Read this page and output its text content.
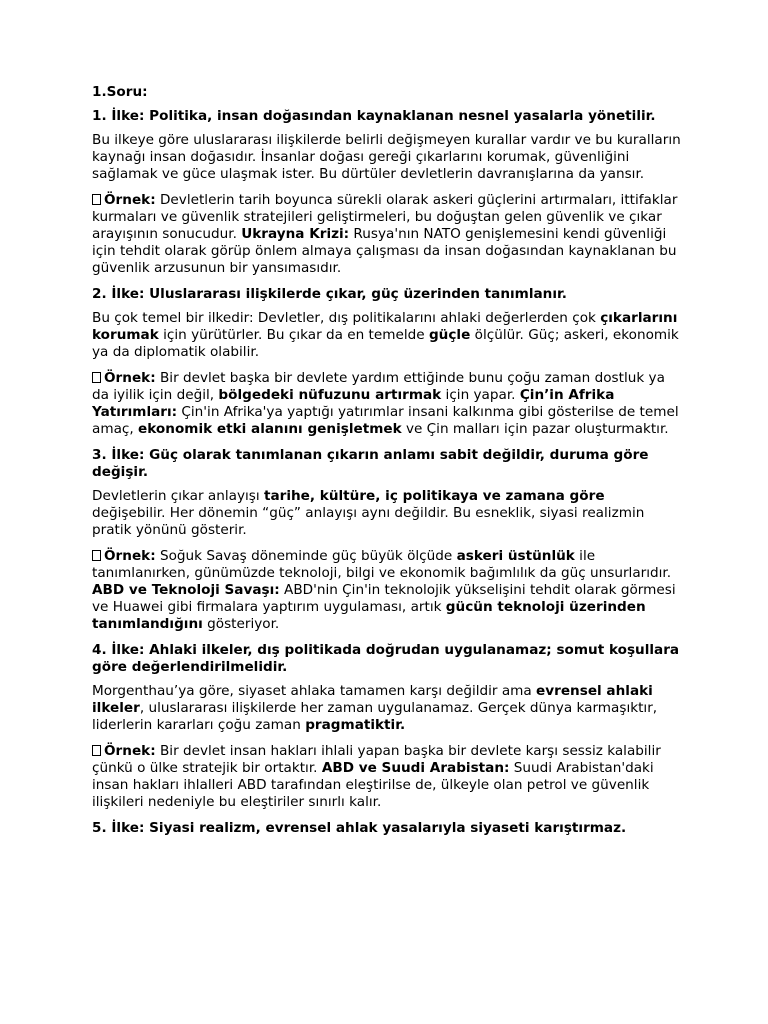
1.Soru:
1. İlke: Politika, insan doğasından kaynaklanan nesnel yasalarla yönetilir.
Bu ilkeye göre uluslararası ilişkilerde belirli değişmeyen kurallar vardır ve bu kuralların kaynağı insan doğasıdır. İnsanlar doğası gereği çıkarlarını korumak, güvenliğini sağlamak ve güce ulaşmak ister. Bu dürtüler devletlerin davranışlarına da yansır.
Örnek: Devletlerin tarih boyunca sürekli olarak askeri güçlerini artırmaları, ittifaklar kurmaları ve güvenlik stratejileri geliştirmeleri, bu doğuştan gelen güvenlik ve çıkar arayışının sonucudur. Ukrayna Krizi: Rusya'nın NATO genişlemesini kendi güvenliği için tehdit olarak görüp önlem almaya çalışması da insan doğasından kaynaklanan bu güvenlik arzusunun bir yansımasıdır.
2. İlke: Uluslararası ilişkilerde çıkar, güç üzerinden tanımlanır.
Bu çok temel bir ilkedir: Devletler, dış politikalarını ahlaki değerlerden çok çıkarlarını korumak için yürütürler. Bu çıkar da en temelde güçle ölçülür. Güç; askeri, ekonomik ya da diplomatik olabilir.
Örnek: Bir devlet başka bir devlete yardım ettiğinde bunu çoğu zaman dostluk ya da iyilik için değil, bölgedeki nüfuzunu artırmak için yapar. Çin’in Afrika Yatırımları: Çin'in Afrika'ya yaptığı yatırımlar insani kalkınma gibi gösterilse de temel amaç, ekonomik etki alanını genişletmek ve Çin malları için pazar oluşturmaktır.
3. İlke: Güç olarak tanımlanan çıkarın anlamı sabit değildir, duruma göre değişir.
Devletlerin çıkar anlayışı tarihe, kültüre, iç politikaya ve zamana göre değişebilir. Her dönemin “güç” anlayışı aynı değildir. Bu esneklik, siyasi realizmin pratik yönünü gösterir.
Örnek: Soğuk Savaş döneminde güç büyük ölçüde askeri üstünlük ile tanımlanırken, günümüzde teknoloji, bilgi ve ekonomik bağımlılık da güç unsurlarıdır. ABD ve Teknoloji Savaşı: ABD'nin Çin'in teknolojik yükselişini tehdit olarak görmesi ve Huawei gibi firmalara yaptırım uygulaması, artık gücün teknoloji üzerinden tanımlandığını gösteriyor.
4. İlke: Ahlaki ilkeler, dış politikada doğrudan uygulanamaz; somut koşullara göre değerlendirilmelidir.
Morgenthau’ya göre, siyaset ahlaka tamamen karşı değildir ama evrensel ahlaki ilkeler, uluslararası ilişkilerde her zaman uygulanamaz. Gerçek dünya karmaşıktır, liderlerin kararları çoğu zaman pragmatiktir.
Örnek: Bir devlet insan hakları ihlali yapan başka bir devlete karşı sessiz kalabilir çünkü o ülke stratejik bir ortaktır. ABD ve Suudi Arabistan: Suudi Arabistan'daki insan hakları ihlalleri ABD tarafından eleştirilse de, ülkeyle olan petrol ve güvenlik ilişkileri nedeniyle bu eleştiriler sınırlı kalır.
5. İlke: Siyasi realizm, evrensel ahlak yasalarıyla siyaseti karıştırmaz.
